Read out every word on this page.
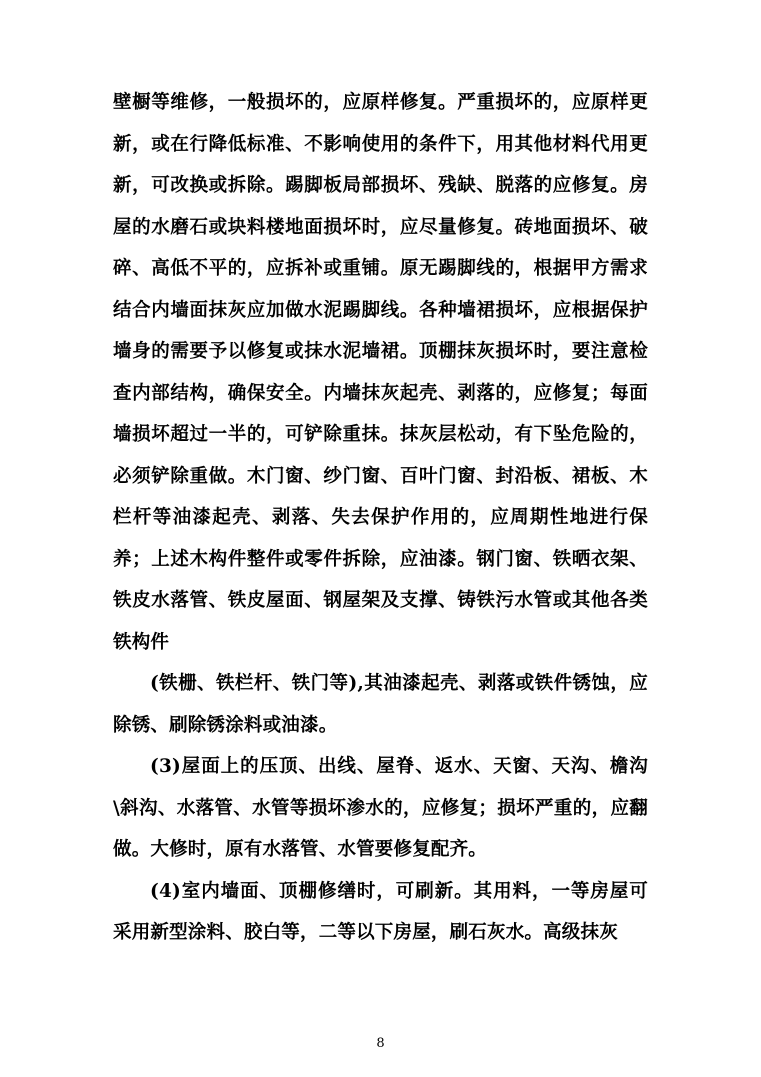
壁橱等维修，一般损坏的，应原样修复。严重损坏的，应原样更新，或在行降低标准、不影响使用的条件下，用其他材料代用更新，可改换或拆除。踢脚板局部损坏、残缺、脱落的应修复。房屋的水磨石或块料楼地面损坏时，应尽量修复。砖地面损坏、破碎、高低不平的，应拆补或重铺。原无踢脚线的，根据甲方需求结合内墙面抹灰应加做水泥踢脚线。各种墙裙损坏，应根据保护墙身的需要予以修复或抹水泥墙裙。顶棚抹灰损坏时，要注意检查内部结构，确保安全。内墙抹灰起壳、剥落的，应修复；每面墙损坏超过一半的，可铲除重抹。抹灰层松动，有下坠危险的，必须铲除重做。木门窗、纱门窗、百叶门窗、封沿板、裙板、木栏杆等油漆起壳、剥落、失去保护作用的，应周期性地进行保养；上述木构件整件或零件拆除，应油漆。钢门窗、铁晒衣架、铁皮水落管、铁皮屋面、钢屋架及支撑、铸铁污水管或其他各类铁构件

(铁栅、铁栏杆、铁门等),其油漆起壳、剥落或铁件锈蚀，应除锈、刷除锈涂料或油漆。

(3)屋面上的压顶、出线、屋脊、返水、天窗、天沟、檐沟\斜沟、水落管、水管等损坏渗水的，应修复；损坏严重的，应翻做。大修时，原有水落管、水管要修复配齐。

(4)室内墙面、顶棚修缮时，可刷新。其用料，一等房屋可采用新型涂料、胶白等，二等以下房屋，刷石灰水。高级抹灰

8
